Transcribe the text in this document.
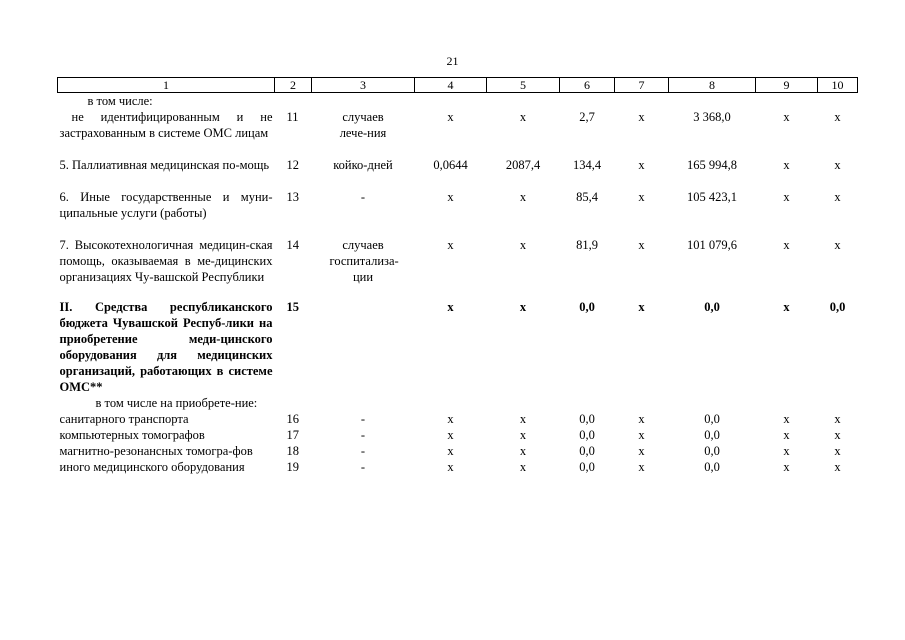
21
1	2	3	4	5	6	7	8	9	10
в том числе:									
не идентифицированным и не застрахованным в системе ОМС лицам	11	случаев лече-ния	х	х	2,7	х	3 368,0	х	х

5. Паллиативная медицинская по-мощь	12	койко-дней	0,0644	2087,4	134,4	х	165 994,8	х	х

6. Иные государственные и муни-ципальные услуги (работы)	13	-	х	х	85,4	х	105 423,1	х	х

7. Высокотехнологичная медицин-ская помощь, оказываемая в ме-дицинских организациях Чу-вашской Республики	14	случаев госпитализа-ции	х	х	81,9	х	101 079,6	х	х

II. Средства республиканского бюджета Чувашской Респуб-лики на приобретение меди-цинского оборудования для медицинских организаций, работающих в системе ОМС**	15		х	х	0,0	х	0,0	х	0,0
в том числе на приобрете-ние:									
санитарного транспорта	16	-	х	х	0,0	х	0,0	х	х
компьютерных томографов	17	-	х	х	0,0	х	0,0	х	х
магнитно-резонансных томогра-фов	18	-	х	х	0,0	х	0,0	х	х
иного медицинского оборудования	19	-	х	х	0,0	х	0,0	х	х
